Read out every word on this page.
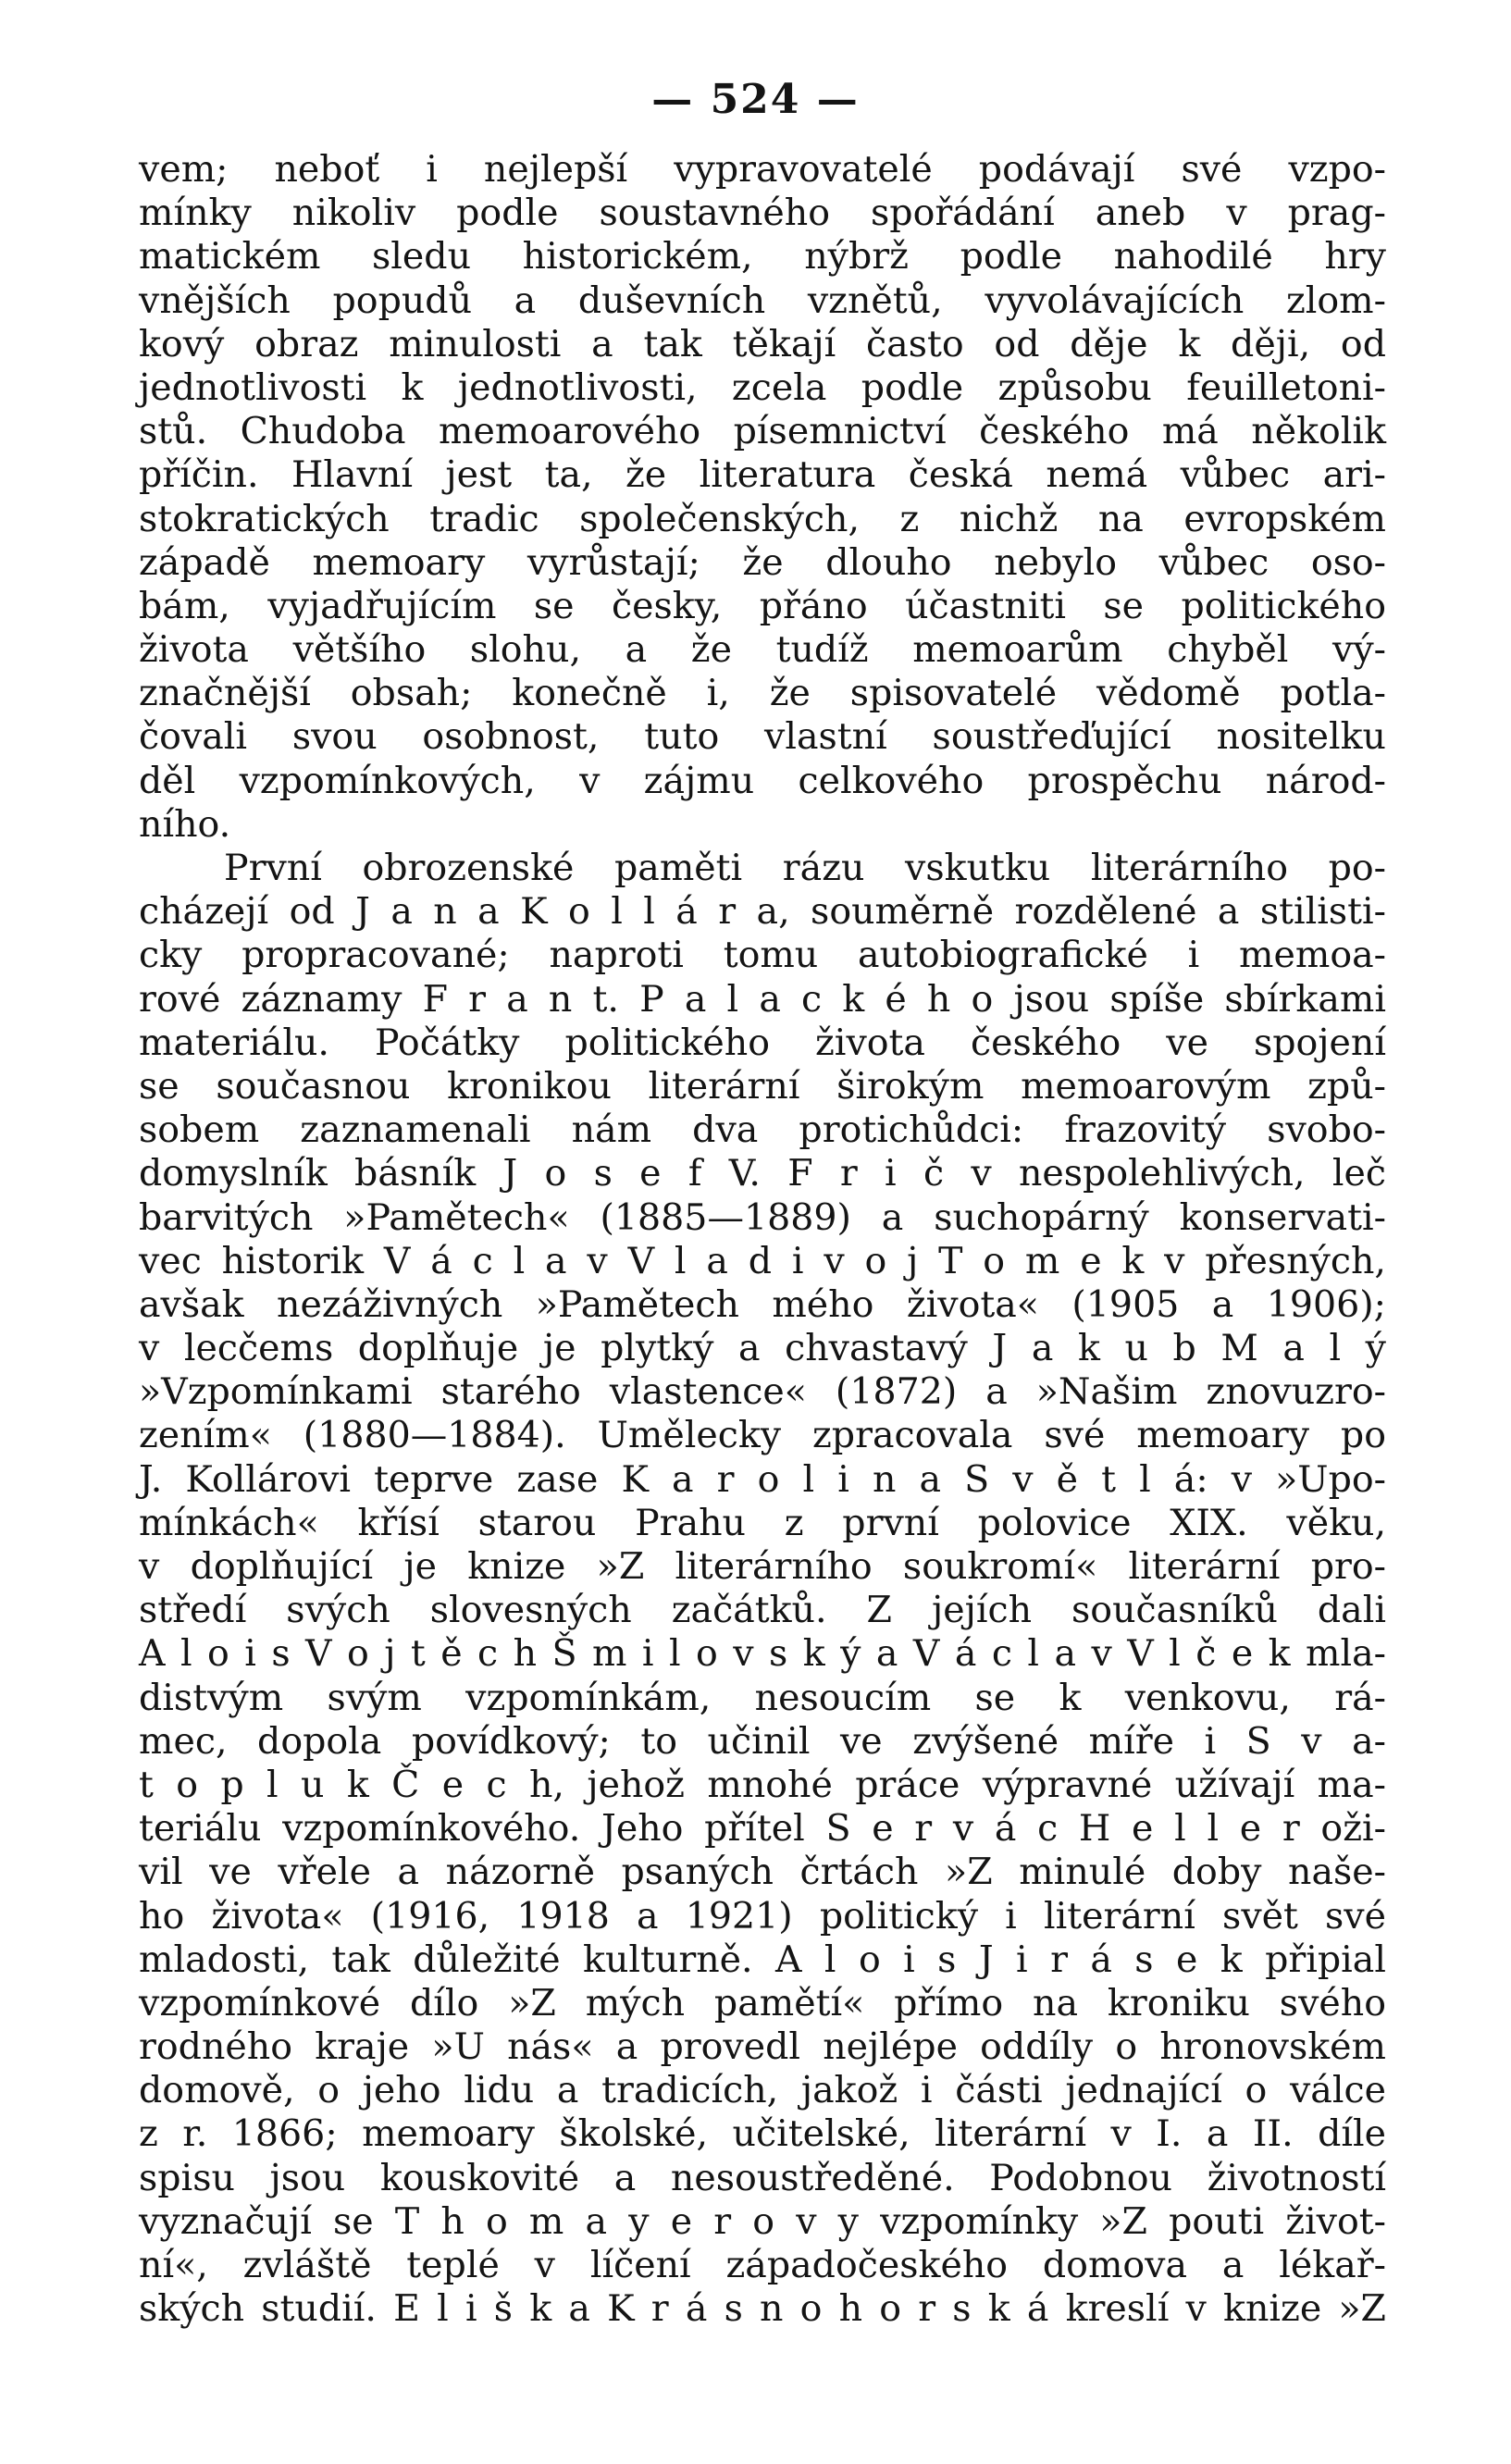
— 524 —
vem; neboť i nejlepší vypravovatelé podávají své vzpo-
mínky nikoliv podle soustavného spořádání aneb v prag-
matickém sledu historickém, nýbrž podle nahodilé hry
vnějších popudů a duševních vznětů, vyvolávajících zlom-
kový obraz minulosti a tak těkají často od děje k ději, od
jednotlivosti k jednotlivosti, zcela podle způsobu feuilletoni-
stů. Chudoba memoarového písemnictví českého má několik
příčin. Hlavní jest ta, že literatura česká nemá vůbec ari-
stokratických tradic společenských, z nichž na evropském
západě memoary vyrůstají; že dlouho nebylo vůbec oso-
bám, vyjadřujícím se česky, přáno účastniti se politického
života většího slohu, a že tudíž memoarům chyběl vý-
značnější obsah; konečně i, že spisovatelé vědomě potla-
čovali svou osobnost, tuto vlastní soustřeďující nositelku
děl vzpomínkových, v zájmu celkového prospěchu národ-
ního.
První obrozenské paměti rázu vskutku literárního po-
cházejí od J a n a K o l l á r a, souměrně rozdělené a stilisti-
cky propracované; naproti tomu autobiografické i memoa-
rové záznamy F r a n t. P a l a c k é h o jsou spíše sbírkami
materiálu. Počátky politického života českého ve spojení
se současnou kronikou literární širokým memoarovým způ-
sobem zaznamenali nám dva protichůdci: frazovitý svobo-
domyslník básník J o s e f V. F r i č v nespolehlivých, leč
barvitých »Pamětech« (1885—1889) a suchopárný konservati-
vec historik V á c l a v V l a d i v o j T o m e k v přesných,
avšak nezáživných »Pamětech mého života« (1905 a 1906);
v lecčems doplňuje je plytký a chvastavý J a k u b M a l ý
»Vzpomínkami starého vlastence« (1872) a »Našim znovuzro-
zením« (1880—1884). Umělecky zpracovala své memoary po
J. Kollárovi teprve zase K a r o l i n a S v ě t l á: v »Upo-
mínkách« křísí starou Prahu z první polovice XIX. věku,
v doplňující je knize »Z literárního soukromí« literární pro-
středí svých slovesných začátků. Z jejích současníků dali
A l o i s V o j t ě c h Š m i l o v s k ý a V á c l a v V l č e k mla-
distvým svým vzpomínkám, nesoucím se k venkovu, rá-
mec, dopola povídkový; to učinil ve zvýšené míře i S v a-
t o p l u k Č e c h, jehož mnohé práce výpravné užívají ma-
teriálu vzpomínkového. Jeho přítel S e r v á c H e l l e r oži-
vil ve vřele a názorně psaných črtách »Z minulé doby naše-
ho života« (1916, 1918 a 1921) politický i literární svět své
mladosti, tak důležité kulturně. A l o i s J i r á s e k připial
vzpomínkové dílo »Z mých pamětí« přímo na kroniku svého
rodného kraje »U nás« a provedl nejlépe oddíly o hronovském
domově, o jeho lidu a tradicích, jakož i části jednající o válce
z r. 1866; memoary školské, učitelské, literární v I. a II. díle
spisu jsou kouskovité a nesoustředěné. Podobnou životností
vyznačují se T h o m a y e r o v y vzpomínky »Z pouti život-
ní«, zvláště teplé v líčení západočeského domova a lékař-
ských studií. E l i š k a K r á s n o h o r s k á kreslí v knize »Z
